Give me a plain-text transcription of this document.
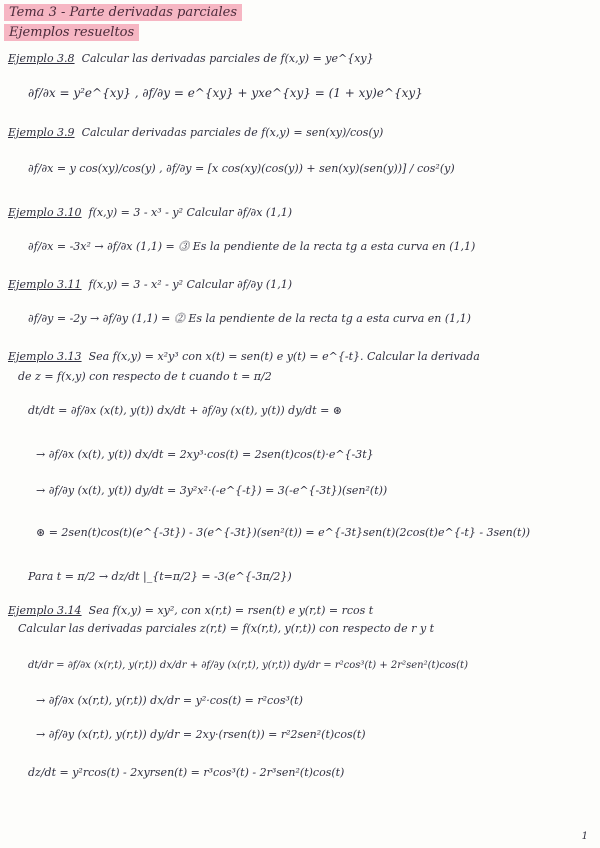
Tema 3 - Parte derivadas parciales
Ejemplos resueltos
Ejemplo 3.8 Calcular las derivadas parciales de f(x,y) = ye^{xy}
∂f/∂x = y²e^{xy} , ∂f/∂y = e^{xy} + yxe^{xy} = (1 + xy)e^{xy}
Ejemplo 3.9 Calcular derivadas parciales de f(x,y) = sen(xy)/cos(y)
∂f/∂x = y cos(xy)/cos(y) , ∂f/∂y = [x cos(xy)(cos(y)) + sen(xy)(sen(y))] / cos²(y)
Ejemplo 3.10 f(x,y) = 3 - x³ - y² Calcular ∂f/∂x (1,1)
∂f/∂x = -3x² → ∂f/∂x (1,1) = ⓷ Es la pendiente de la recta tg a esta curva en (1,1)
Ejemplo 3.11 f(x,y) = 3 - x² - y² Calcular ∂f/∂y (1,1)
∂f/∂y = -2y → ∂f/∂y (1,1) = ⓶ Es la pendiente de la recta tg a esta curva en (1,1)
Ejemplo 3.13 Sea f(x,y) = x²y³ con x(t) = sen(t) e y(t) = e^{-t}. Calcular la derivada
de z = f(x,y) con respecto de t cuando t = π/2
dt/dt = ∂f/∂x (x(t), y(t)) dx/dt + ∂f/∂y (x(t), y(t)) dy/dt = ⊛
→ ∂f/∂x (x(t), y(t)) dx/dt = 2xy³·cos(t) = 2sen(t)cos(t)·e^{-3t}
→ ∂f/∂y (x(t), y(t)) dy/dt = 3y²x²·(-e^{-t}) = 3(-e^{-3t})(sen²(t))
⊛ = 2sen(t)cos(t)(e^{-3t}) - 3(e^{-3t})(sen²(t)) = e^{-3t}sen(t)(2cos(t)e^{-t} - 3sen(t))
Para t = π/2 → dz/dt |_{t=π/2} = -3(e^{-3π/2})
Ejemplo 3.14 Sea f(x,y) = xy², con x(r,t) = rsen(t) e y(r,t) = rcos t
Calcular las derivadas parciales z(r,t) = f(x(r,t), y(r,t)) con respecto de r y t
dt/dr = ∂f/∂x (x(r,t), y(r,t)) dx/dr + ∂f/∂y (x(r,t), y(r,t)) dy/dr = r²cos³(t) + 2r²sen²(t)cos(t)
→ ∂f/∂x (x(r,t), y(r,t)) dx/dr = y²·cos(t) = r²cos³(t)
→ ∂f/∂y (x(r,t), y(r,t)) dy/dr = 2xy·(rsen(t)) = r²2sen²(t)cos(t)
dz/dt = y²rcos(t) - 2xyrsen(t) = r³cos³(t) - 2r³sen²(t)cos(t)
1
